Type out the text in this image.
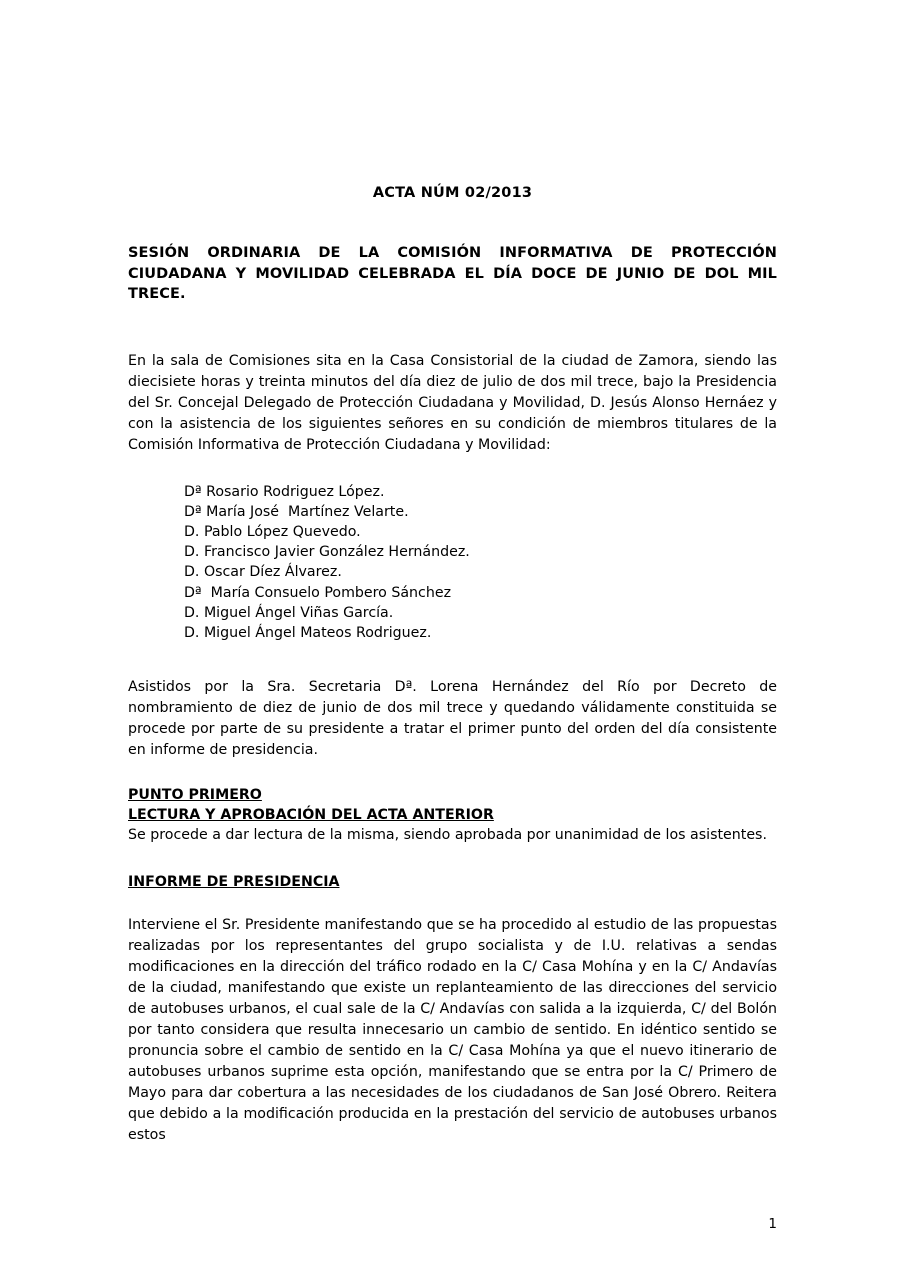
ACTA NÚM 02/2013
SESIÓN ORDINARIA DE LA COMISIÓN INFORMATIVA DE PROTECCIÓN CIUDADANA Y MOVILIDAD CELEBRADA EL DÍA DOCE DE JUNIO DE DOL MIL TRECE.

En la sala de Comisiones sita en la Casa Consistorial de la ciudad de Zamora, siendo las diecisiete horas y treinta minutos del día diez de julio de dos mil trece, bajo la Presidencia del Sr. Concejal Delegado de Protección Ciudadana y Movilidad, D. Jesús Alonso Hernáez y con la asistencia de los siguientes señores en su condición de miembros titulares de la Comisión Informativa de Protección Ciudadana y Movilidad:

Dª Rosario Rodriguez López.
Dª María José  Martínez Velarte.
D. Pablo López Quevedo.
D. Francisco Javier González Hernández.
D. Oscar Díez Álvarez.
Dª  María Consuelo Pombero Sánchez
D. Miguel Ángel Viñas García.
D. Miguel Ángel Mateos Rodriguez.

Asistidos por la Sra. Secretaria Dª. Lorena Hernández del Río por Decreto de nombramiento de diez de junio de dos mil trece y quedando válidamente constituida se procede por parte de su presidente a tratar el primer punto del orden del día consistente en informe de presidencia.

PUNTO PRIMERO
LECTURA Y APROBACIÓN DEL ACTA ANTERIOR

Se procede a dar lectura de la misma, siendo aprobada por unanimidad de los asistentes.

INFORME DE PRESIDENCIA

Interviene el Sr. Presidente manifestando que se ha procedido al estudio de las propuestas realizadas por los representantes del grupo socialista y de I.U. relativas a sendas modificaciones en la dirección del tráfico rodado en la C/ Casa Mohína y en la C/ Andavías de la ciudad, manifestando que existe un replanteamiento de las direcciones del servicio de autobuses urbanos, el cual sale de la C/ Andavías con salida a la izquierda, C/ del Bolón por tanto considera que resulta innecesario un cambio de sentido. En idéntico sentido se pronuncia sobre el cambio de sentido en la C/ Casa Mohína ya que el nuevo itinerario de autobuses urbanos suprime esta opción, manifestando que se entra por la C/ Primero de Mayo para dar cobertura a las necesidades de los ciudadanos de San José Obrero. Reitera que debido a la modificación producida en la prestación del servicio de autobuses urbanos estos

1
